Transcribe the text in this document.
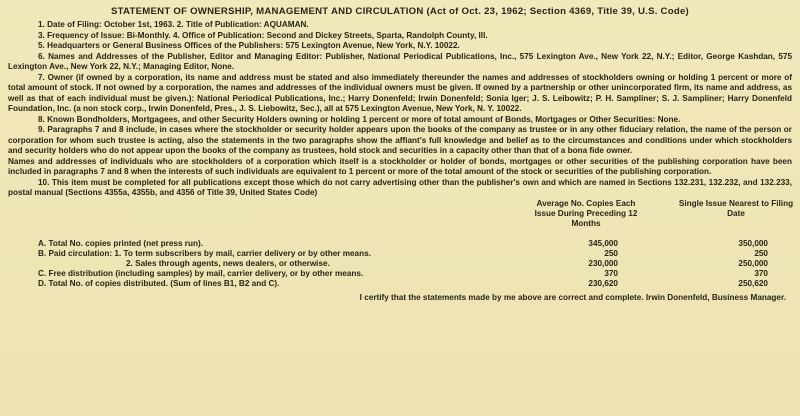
STATEMENT OF OWNERSHIP, MANAGEMENT AND CIRCULATION (Act of Oct. 23, 1962; Section 4369, Title 39, U.S. Code)
1. Date of Filing: October 1st, 1963. 2. Title of Publication: AQUAMAN.
3. Frequency of Issue: Bi-Monthly. 4. Office of Publication: Second and Dickey Streets, Sparta, Randolph County, Ill.
5. Headquarters or General Business Offices of the Publishers: 575 Lexington Avenue, New York, N.Y. 10022.

6. Names and Addresses of the Publisher, Editor and Managing Editor: Publisher, National Periodical Publications, Inc., 575 Lexington Ave., New York 22, N.Y.; Editor, George Kashdan, 575 Lexington Ave., New York 22, N.Y.; Managing Editor, None.

7. Owner (if owned by a corporation, its name and address must be stated and also immediately thereunder the names and addresses of stockholders owning or holding 1 percent or more of total amount of stock. If not owned by a corporation, the names and addresses of the individual owners must be given. If owned by a partnership or other unincorporated firm, its name and address, as well as that of each individual must be given.): National Periodical Publications, Inc.; Harry Donenfeld; Irwin Donenfeld; Sonia Iger; J. S. Leibowitz; P. H. Sampliner; S. J. Sampliner; Harry Donenfeld Foundation, Inc. (a non stock corp., Irwin Donenfeld, Pres., J. S. Liebowitz, Sec.), all at 575 Lexington Avenue, New York, N. Y. 10022.

8. Known Bondholders, Mortgagees, and other Security Holders owning or holding 1 percent or more of total amount of Bonds, Mortgages or Other Securities: None.

9. Paragraphs 7 and 8 include, in cases where the stockholder or security holder appears upon the books of the company as trustee or in any other fiduciary relation, the name of the person or corporation for whom such trustee is acting, also the statements in the two paragraphs show the affiant's full knowledge and belief as to the circumstances and conditions under which stockholders and security holders who do not appear upon the books of the company as trustees, hold stock and securities in a capacity other than that of a bona fide owner.

Names and addresses of individuals who are stockholders of a corporation which itself is a stockholder or holder of bonds, mortgages or other securities of the publishing corporation have been included in paragraphs 7 and 8 when the interests of such individuals are equivalent to 1 percent or more of the total amount of the stock or securities of the publishing corporation.

10. This item must be completed for all publications except those which do not carry advertising other than the publisher's own and which are named in Sections 132.231, 132.232, and 132.233, postal manual (Sections 4355a, 4355b, and 4356 of Title 39, United States Code)

Average No. Copies Each Issue During Preceding 12 Months
Single Issue Nearest to Filing Date
A. Total No. copies printed (net press run).	345,000	350,000
B. Paid circulation: 1. To term subscribers by mail, carrier delivery or by other means.	250	250
2. Sales through agents, news dealers, or otherwise.	230,000	250,000
C. Free distribution (including samples) by mail, carrier delivery, or by other means.	370	370
D. Total No. of copies distributed. (Sum of lines B1, B2 and C).	230,620	250,620
I certify that the statements made by me above are correct and complete. Irwin Donenfeld, Business Manager.
